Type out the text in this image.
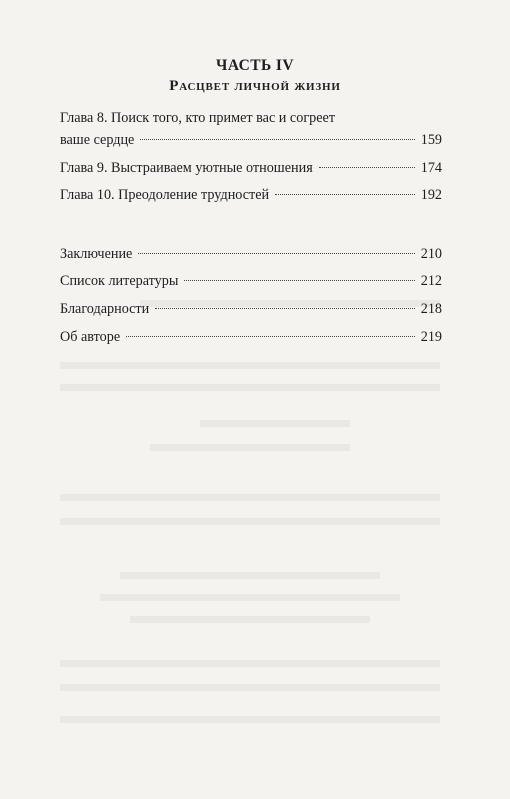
ЧАСТЬ IV
Расцвет личной жизни
Глава 8. Поиск того, кто примет вас и согреет
ваше сердце	159
Глава 9. Выстраиваем уютные отношения	174
Глава 10. Преодоление трудностей	192
Заключение	210
Список литературы	212
Благодарности	218
Об авторе	219
